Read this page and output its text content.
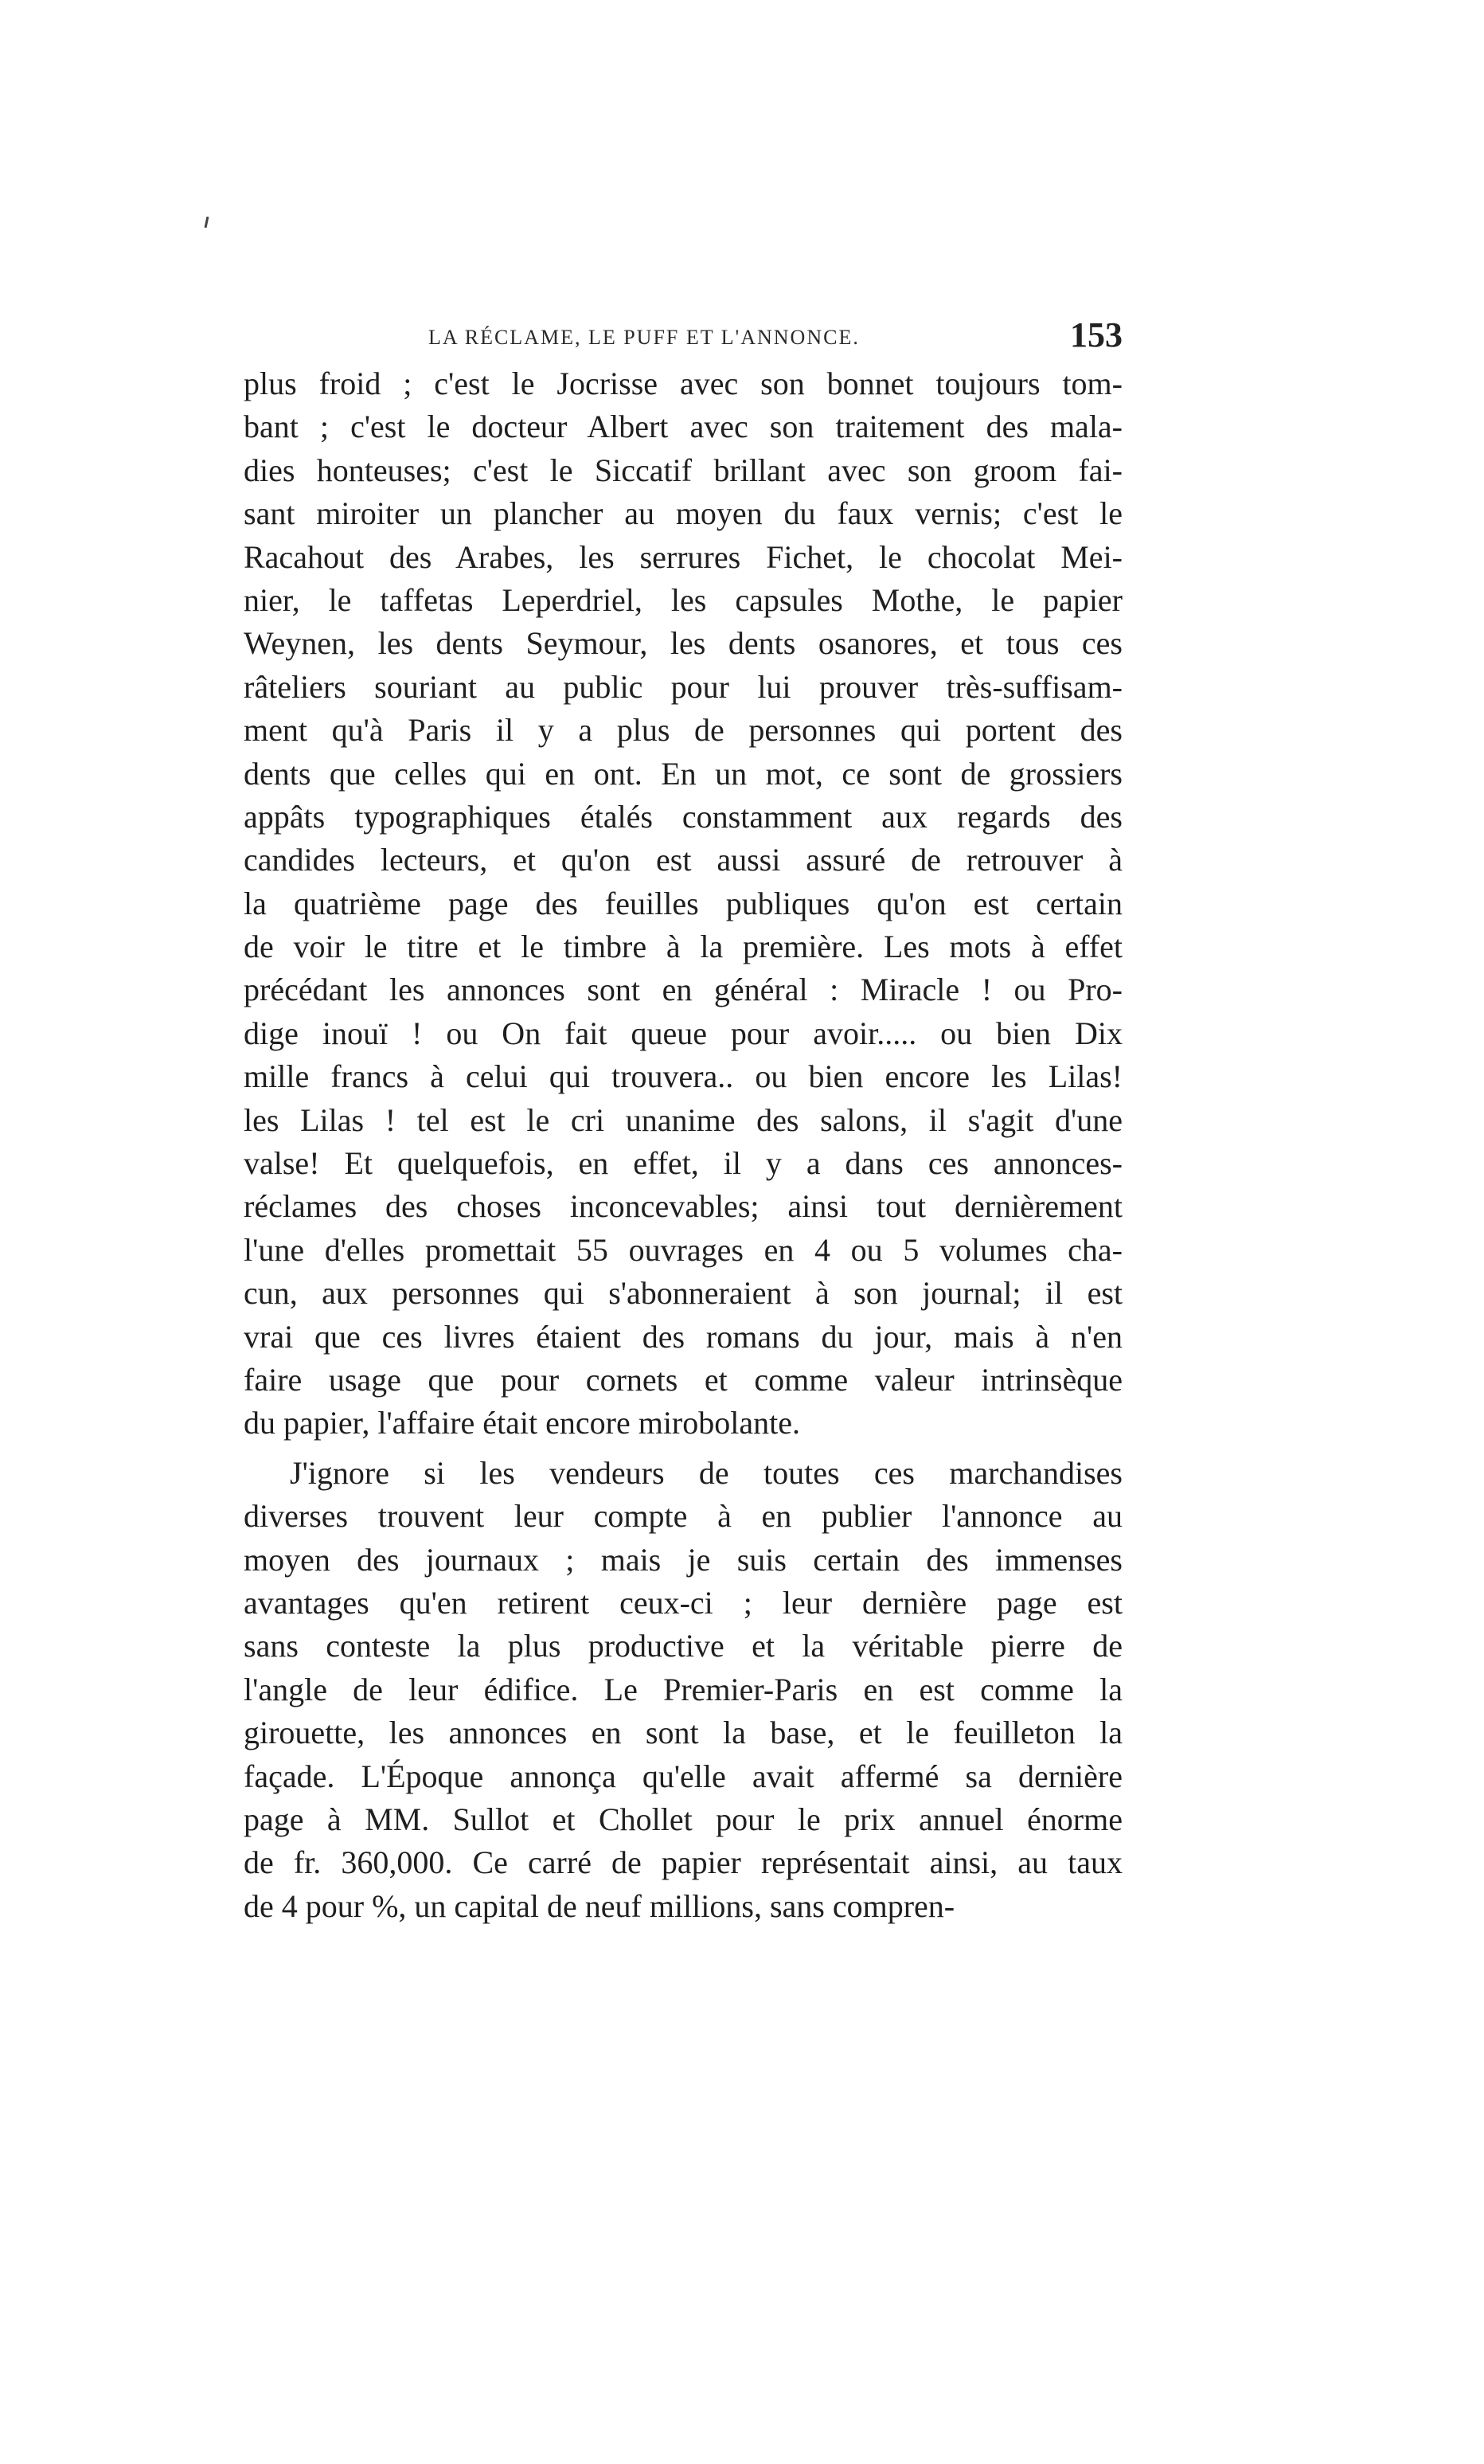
LA RÉCLAME, LE PUFF ET L'ANNONCE.	153
plus froid ; c'est le Jocrisse avec son bonnet toujours tom-
bant ; c'est le docteur Albert avec son traitement des mala-
dies honteuses; c'est le Siccatif brillant avec son groom fai-
sant miroiter un plancher au moyen du faux vernis; c'est le
Racahout des Arabes, les serrures Fichet, le chocolat Mei-
nier, le taffetas Leperdriel, les capsules Mothe, le papier
Weynen, les dents Seymour, les dents osanores, et tous ces
râteliers souriant au public pour lui prouver très-suffisam-
ment qu'à Paris il y a plus de personnes qui portent des
dents que celles qui en ont. En un mot, ce sont de grossiers
appâts typographiques étalés constamment aux regards des
candides lecteurs, et qu'on est aussi assuré de retrouver à
la quatrième page des feuilles publiques qu'on est certain
de voir le titre et le timbre à la première. Les mots à effet
précédant les annonces sont en général : Miracle ! ou Pro-
dige inouï ! ou On fait queue pour avoir..... ou bien Dix
mille francs à celui qui trouvera.. ou bien encore les Lilas!
les Lilas ! tel est le cri unanime des salons, il s'agit d'une
valse! Et quelquefois, en effet, il y a dans ces annonces-
réclames des choses inconcevables; ainsi tout dernièrement
l'une d'elles promettait 55 ouvrages en 4 ou 5 volumes cha-
cun, aux personnes qui s'abonneraient à son journal; il est
vrai que ces livres étaient des romans du jour, mais à n'en
faire usage que pour cornets et comme valeur intrinsèque
du papier, l'affaire était encore mirobolante.
J'ignore si les vendeurs de toutes ces marchandises
diverses trouvent leur compte à en publier l'annonce au
moyen des journaux ; mais je suis certain des immenses
avantages qu'en retirent ceux-ci ; leur dernière page est
sans conteste la plus productive et la véritable pierre de
l'angle de leur édifice. Le Premier-Paris en est comme la
girouette, les annonces en sont la base, et le feuilleton la
façade. L'Époque annonça qu'elle avait affermé sa dernière
page à MM. Sullot et Chollet pour le prix annuel énorme
de fr. 360,000. Ce carré de papier représentait ainsi, au taux
de 4 pour %, un capital de neuf millions, sans compren-
